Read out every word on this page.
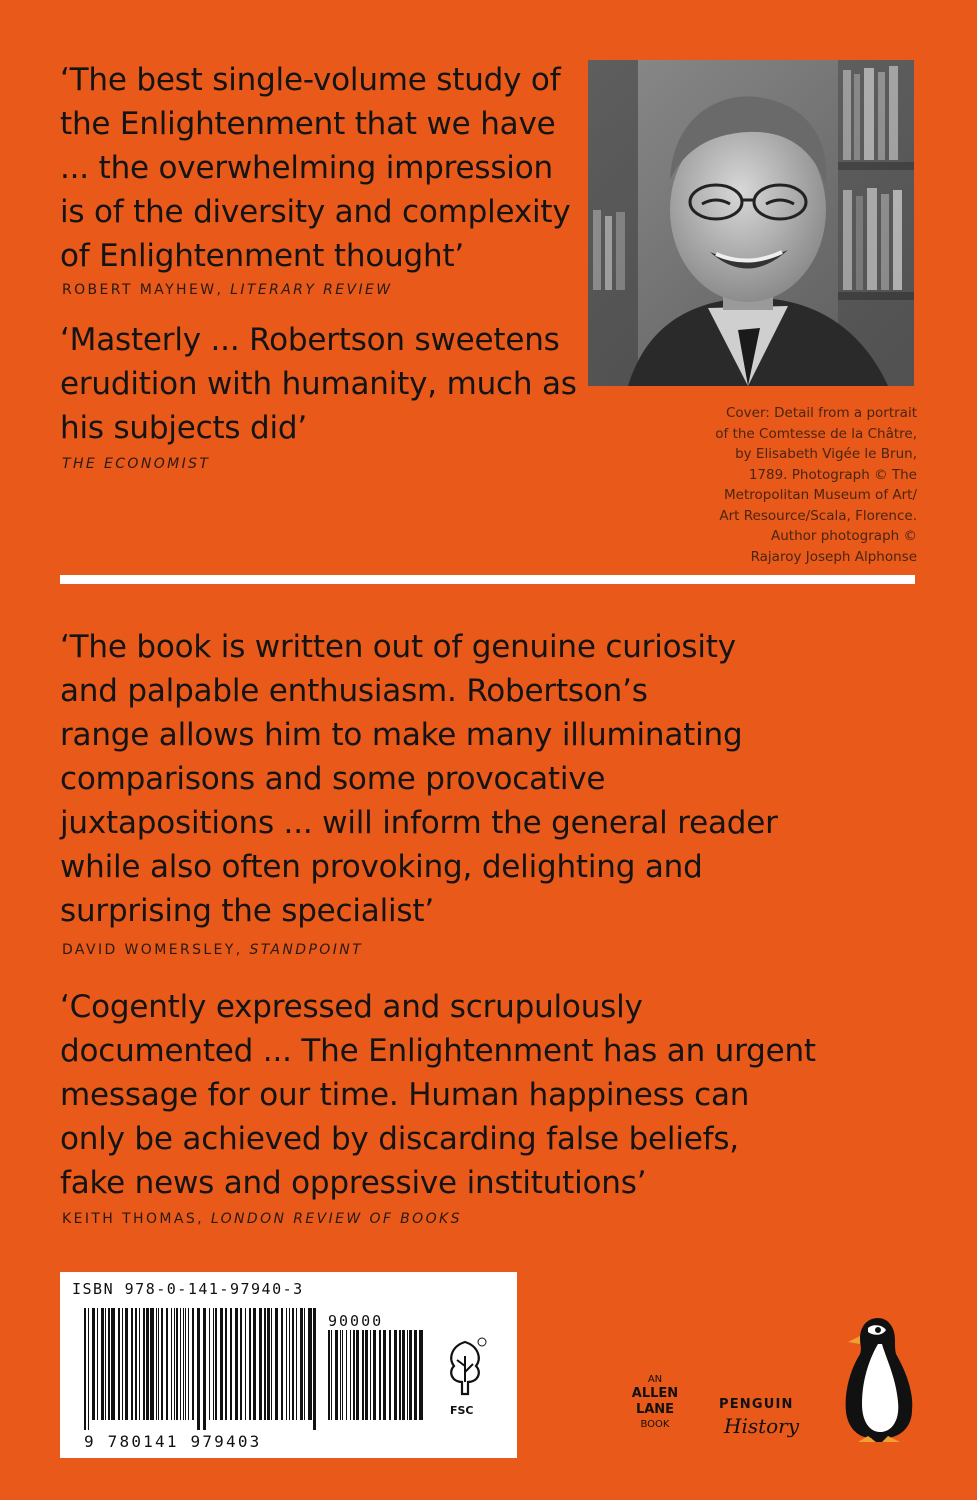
‘The best single-volume study of
the Enlightenment that we have
... the overwhelming impression
is of the diversity and complexity
of Enlightenment thought’
ROBERT MAYHEW, LITERARY REVIEW
‘Masterly ... Robertson sweetens
erudition with humanity, much as
his subjects did’
THE ECONOMIST
Cover: Detail from a portrait
of the Comtesse de la Châtre,
by Elisabeth Vigée le Brun,
1789. Photograph © The
Metropolitan Museum of Art/
Art Resource/Scala, Florence.
Author photograph ©
Rajaroy Joseph Alphonse
‘The book is written out of genuine curiosity
and palpable enthusiasm. Robertson’s
range allows him to make many illuminating
comparisons and some provocative
juxtapositions ... will inform the general reader
while also often provoking, delighting and
surprising the specialist’
DAVID WOMERSLEY, STANDPOINT
‘Cogently expressed and scrupulously
documented ... The Enlightenment has an urgent
message for our time. Human happiness can
only be achieved by discarding false beliefs,
fake news and oppressive institutions’
KEITH THOMAS, LONDON REVIEW OF BOOKS
ISBN 978-0-141-97940-3
90000
FSC
9 780141 979403
AN
ALLEN
LANE
BOOK
PENGUIN
History
